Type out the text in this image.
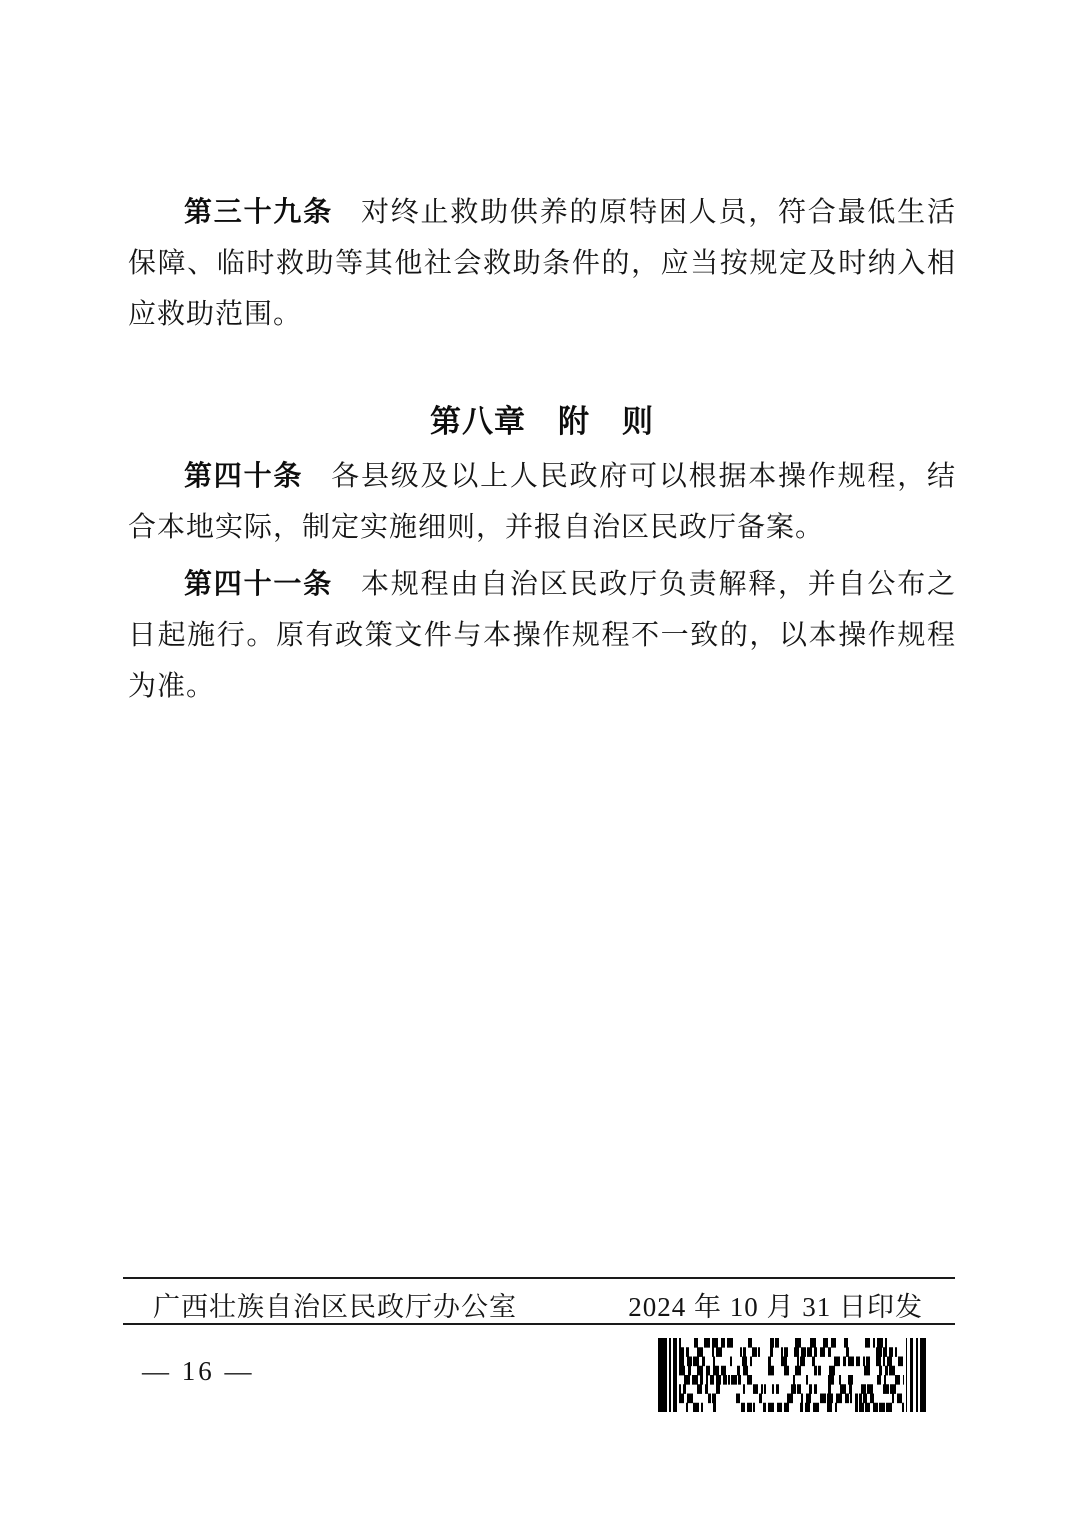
第三十九条 对终止救助供养的原特困人员，符合最低生活保障、临时救助等其他社会救助条件的，应当按规定及时纳入相应救助范围。

第八章　附　则

第四十条 各县级及以上人民政府可以根据本操作规程，结合本地实际，制定实施细则，并报自治区民政厅备案。

第四十一条 本规程由自治区民政厅负责解释，并自公布之日起施行。原有政策文件与本操作规程不一致的，以本操作规程为准。

广西壮族自治区民政厅办公室	2024 年 10 月 31 日印发
— 16 —
